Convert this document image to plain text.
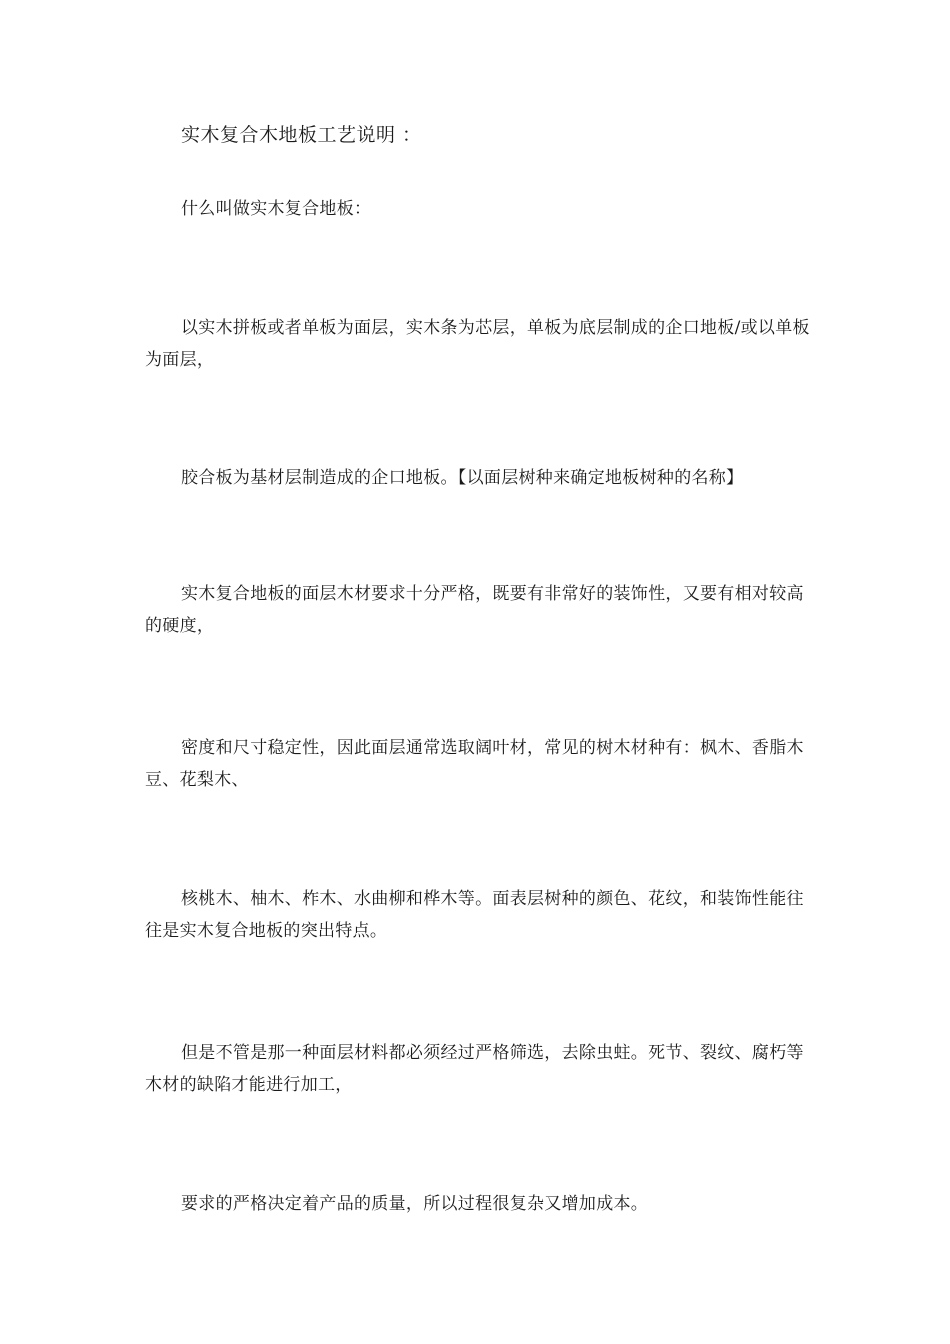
实木复合木地板工艺说明 ：

什么叫做实木复合地板：

以实木拼板或者单板为面层，实木条为芯层，单板为底层制成的企口地板/或以单板为面层，

胶合板为基材层制造成的企口地板。【以面层树种来确定地板树种的名称】

实木复合地板的面层木材要求十分严格，既要有非常好的装饰性，又要有相对较高的硬度，

密度和尺寸稳定性，因此面层通常选取阔叶材，常见的树木材种有：枫木、香脂木豆、花梨木、

核桃木、柚木、柞木、水曲柳和桦木等。面表层树种的颜色、花纹，和装饰性能往往是实木复合地板的突出特点。

但是不管是那一种面层材料都必须经过严格筛选，去除虫蛀。死节、裂纹、腐朽等木材的缺陷才能进行加工，

要求的严格决定着产品的质量，所以过程很复杂又增加成本。
